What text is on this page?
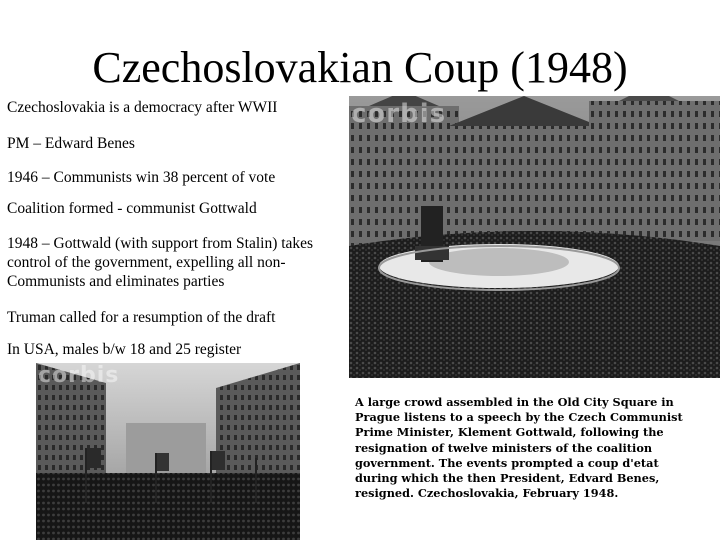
Czechoslovakian Coup (1948)
corbis
corbis
Czechoslovakia is a democracy after WWII
PM – Edward Benes
1946 – Communists win 38 percent of vote
Coalition formed - communist Gottwald
1948 – Gottwald (with support from Stalin) takes control of the government, expelling all non-Communists and eliminates parties
Truman called for a resumption of the draft
In USA, males b/w 18 and 25 register

A large crowd assembled in the Old City Square in Prague listens to a speech by the Czech Communist Prime Minister, Klement Gottwald, following the resignation of twelve ministers of the coalition government. The events prompted a coup d'etat during which the then President, Edvard Benes, resigned. Czechoslovakia, February 1948.
